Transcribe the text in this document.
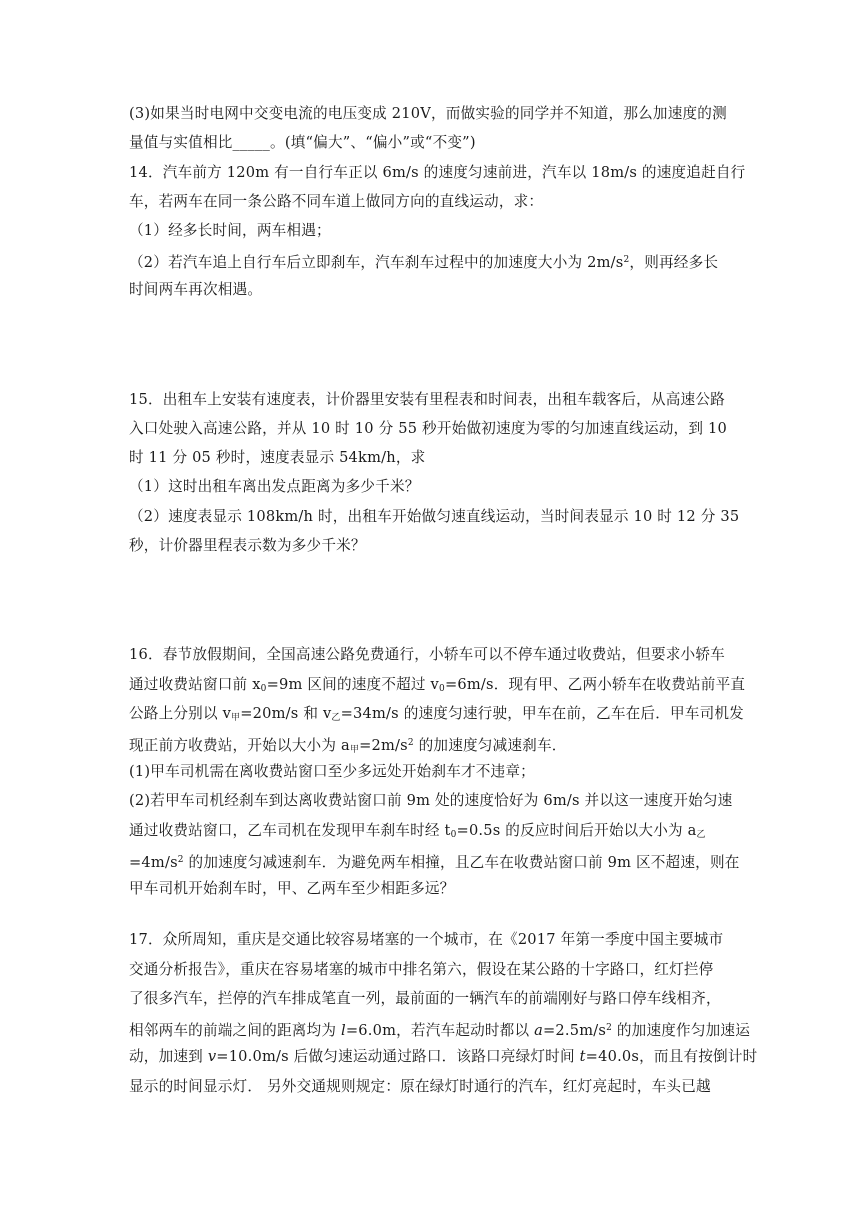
(3)如果当时电网中交变电流的电压变成 210V，而做实验的同学并不知道，那么加速度的测
量值与实值相比_____。(填“偏大”、“偏小”或“不变”)
14．汽车前方 120m 有一自行车正以 6m/s 的速度匀速前进，汽车以 18m/s 的速度追赶自行
车，若两车在同一条公路不同车道上做同方向的直线运动，求：
（1）经多长时间，两车相遇；
（2）若汽车追上自行车后立即刹车，汽车刹车过程中的加速度大小为 $2m/s^2$，则再经多长
时间两车再次相遇。
15．出租车上安装有速度表，计价器里安装有里程表和时间表，出租车载客后，从高速公路
入口处驶入高速公路，并从 10 时 10 分 55 秒开始做初速度为零的匀加速直线运动，到 10
时 11 分 05 秒时，速度表显示 54km/h，求
（1）这时出租车离出发点距离为多少千米？
（2）速度表显示 108km/h 时，出租车开始做匀速直线运动，当时间表显示 10 时 12 分 35
秒，计价器里程表示数为多少千米？
16．春节放假期间，全国高速公路免费通行，小轿车可以不停车通过收费站，但要求小轿车
通过收费站窗口前 $x_0=9m$ 区间的速度不超过 $v_0=6m/s$．现有甲、乙两小轿车在收费站前平直
公路上分别以 $v_甲=20m/s$ 和 $v_乙=34m/s$ 的速度匀速行驶，甲车在前，乙车在后．甲车司机发
现正前方收费站，开始以大小为 $a_甲=2m/s^2$ 的加速度匀减速刹车．
(1)甲车司机需在离收费站窗口至少多远处开始刹车才不违章；
(2)若甲车司机经刹车到达离收费站窗口前 9m 处的速度恰好为 6m/s 并以这一速度开始匀速
通过收费站窗口，乙车司机在发现甲车刹车时经 $t_0=0.5s$ 的反应时间后开始以大小为 $a_乙$
$=4m/s^2$ 的加速度匀减速刹车．为避免两车相撞，且乙车在收费站窗口前 9m 区不超速，则在
甲车司机开始刹车时，甲、乙两车至少相距多远？
17．众所周知，重庆是交通比较容易堵塞的一个城市，在《2017 年第一季度中国主要城市
交通分析报告》，重庆在容易堵塞的城市中排名第六，假设在某公路的十字路口，红灯拦停
了很多汽车，拦停的汽车排成笔直一列，最前面的一辆汽车的前端刚好与路口停车线相齐，
相邻两车的前端之间的距离均为 l=6.0m，若汽车起动时都以 $a=2.5m/s^2$ 的加速度作匀加速运
动，加速到 v=10.0m/s 后做匀速运动通过路口．该路口亮绿灯时间 t=40.0s，而且有按倒计时
显示的时间显示灯． 另外交通规则规定：原在绿灯时通行的汽车，红灯亮起时，车头已越
